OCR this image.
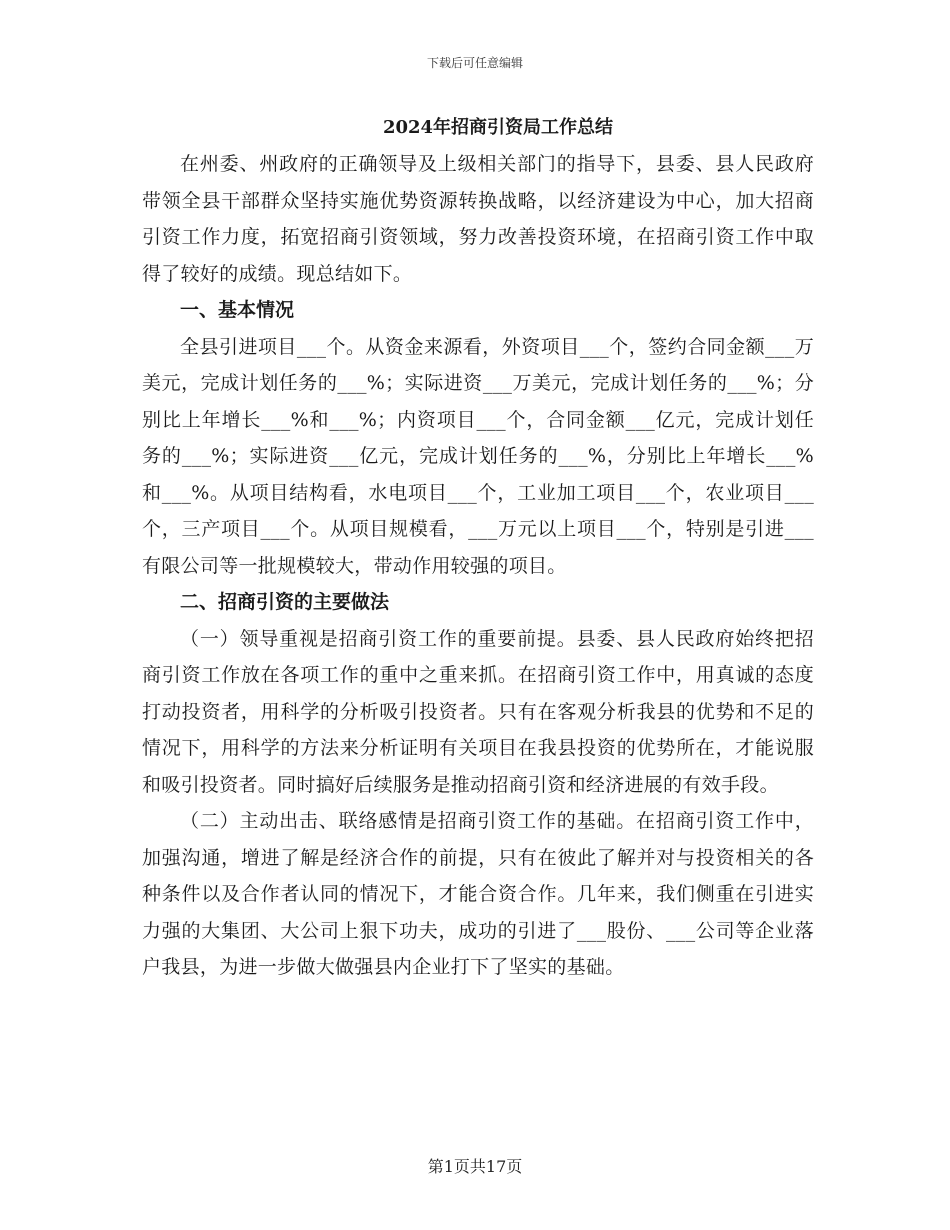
下载后可任意编辑
2024年招商引资局工作总结

在州委、州政府的正确领导及上级相关部门的指导下，县委、县人民政府带领全县干部群众坚持实施优势资源转换战略，以经济建设为中心，加大招商引资工作力度，拓宽招商引资领域，努力改善投资环境，在招商引资工作中取得了较好的成绩。现总结如下。

一、基本情况

全县引进项目___个。从资金来源看，外资项目___个，签约合同金额___万美元，完成计划任务的___%；实际进资___万美元，完成计划任务的___%；分别比上年增长___%和___%；内资项目___个，合同金额___亿元，完成计划任务的___%；实际进资___亿元，完成计划任务的___%，分别比上年增长___%和___%。从项目结构看，水电项目___个，工业加工项目___个，农业项目___个，三产项目___个。从项目规模看，___万元以上项目___个，特别是引进___有限公司等一批规模较大，带动作用较强的项目。

二、招商引资的主要做法

（一）领导重视是招商引资工作的重要前提。县委、县人民政府始终把招商引资工作放在各项工作的重中之重来抓。在招商引资工作中，用真诚的态度打动投资者，用科学的分析吸引投资者。只有在客观分析我县的优势和不足的情况下，用科学的方法来分析证明有关项目在我县投资的优势所在，才能说服和吸引投资者。同时搞好后续服务是推动招商引资和经济进展的有效手段。

（二）主动出击、联络感情是招商引资工作的基础。在招商引资工作中，加强沟通，增进了解是经济合作的前提，只有在彼此了解并对与投资相关的各种条件以及合作者认同的情况下，才能合资合作。几年来，我们侧重在引进实力强的大集团、大公司上狠下功夫，成功的引进了___股份、___公司等企业落户我县，为进一步做大做强县内企业打下了坚实的基础。

第1页共17页
